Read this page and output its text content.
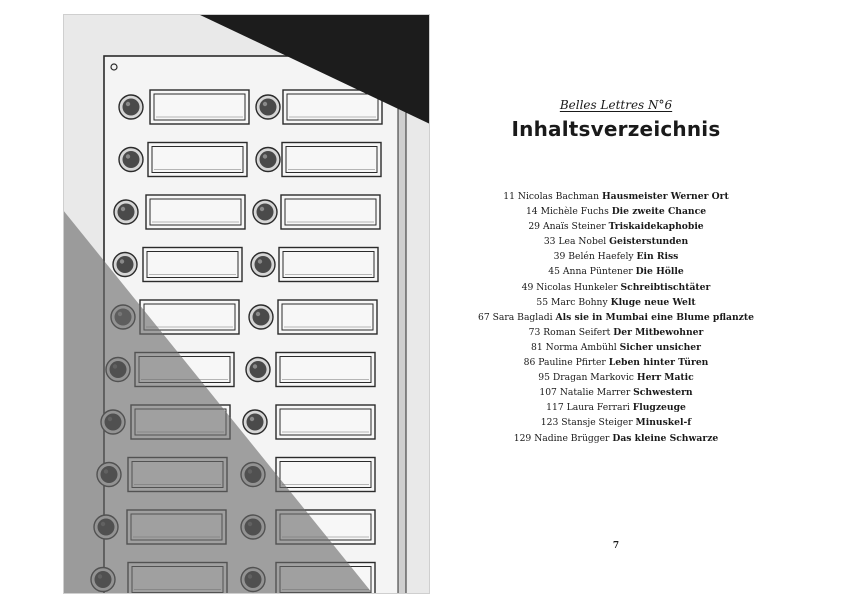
Belles Lettres N°6
Inhaltsverzeichnis
11 Nicolas Bachman Hausmeister Werner Ort
14 Michèle Fuchs Die zweite Chance
29 Anaïs Steiner Triskaidekaphobie
33 Lea Nobel Geisterstunden
39 Belén Haefely Ein Riss
45 Anna Püntener Die Hölle
49 Nicolas Hunkeler Schreibtischtäter
55 Marc Bohny Kluge neue Welt
67 Sara Bagladi Als sie in Mumbai eine Blume pflanzte
73 Roman Seifert Der Mitbewohner
81 Norma Ambühl Sicher unsicher
86 Pauline Pfirter Leben hinter Türen
95 Dragan Markovic Herr Matic
107 Natalie Marrer Schwestern
117 Laura Ferrari Flugzeuge
123 Stansje Steiger Minuskel-f
129 Nadine Brügger Das kleine Schwarze
7
